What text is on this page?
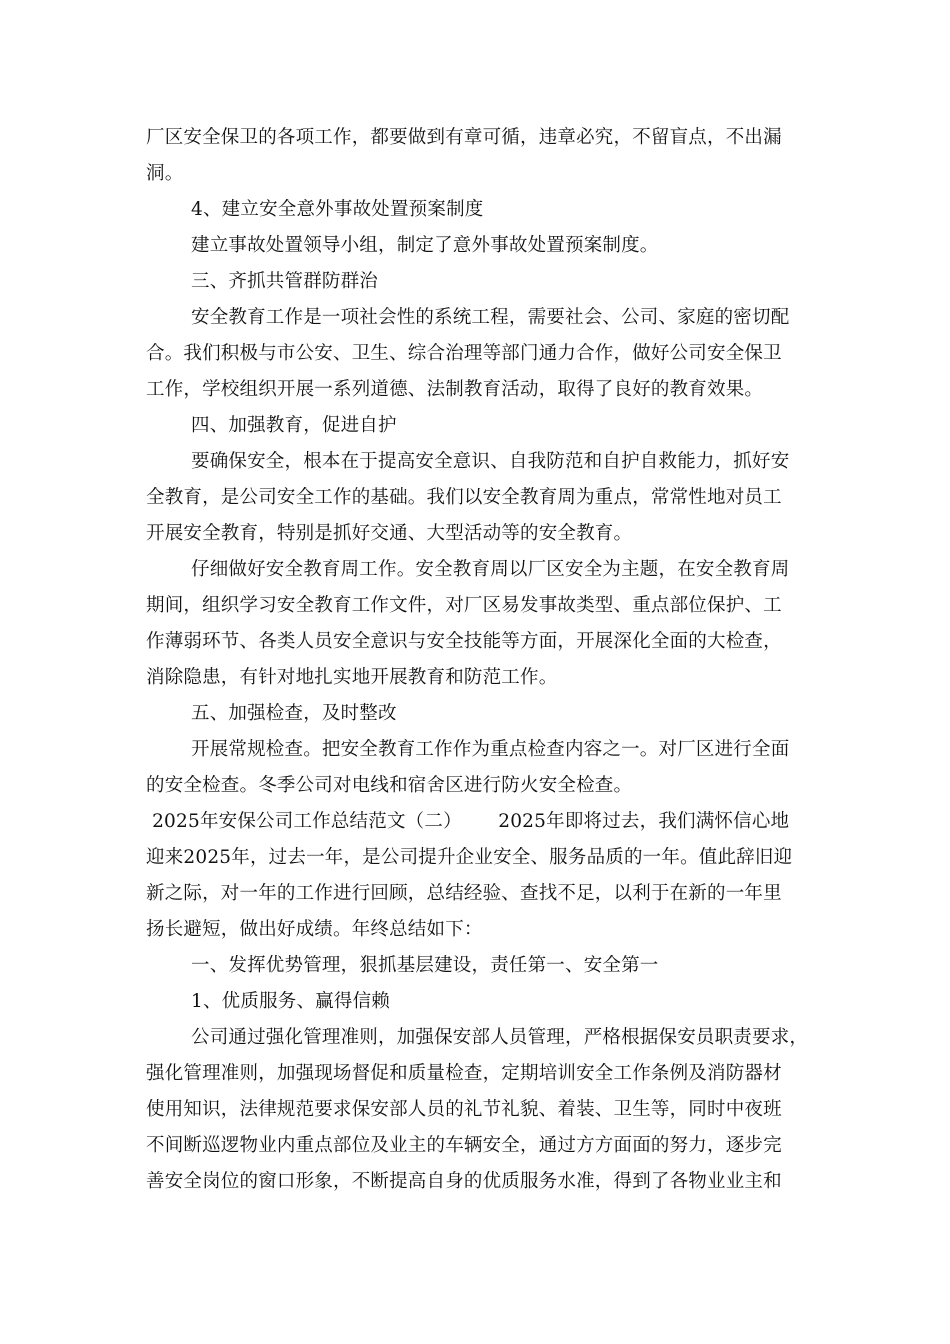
厂区安全保卫的各项工作，都要做到有章可循，违章必究，不留盲点，不出漏
洞。
4、建立安全意外事故处置预案制度
建立事故处置领导小组，制定了意外事故处置预案制度。
三、齐抓共管群防群治
安全教育工作是一项社会性的系统工程，需要社会、公司、家庭的密切配
合。我们积极与市公安、卫生、综合治理等部门通力合作，做好公司安全保卫
工作，学校组织开展一系列道德、法制教育活动，取得了良好的教育效果。
四、加强教育，促进自护
要确保安全，根本在于提高安全意识、自我防范和自护自救能力，抓好安
全教育，是公司安全工作的基础。我们以安全教育周为重点，常常性地对员工
开展安全教育，特别是抓好交通、大型活动等的安全教育。
仔细做好安全教育周工作。安全教育周以厂区安全为主题，在安全教育周
期间，组织学习安全教育工作文件，对厂区易发事故类型、重点部位保护、工
作薄弱环节、各类人员安全意识与安全技能等方面，开展深化全面的大检查，
消除隐患，有针对地扎实地开展教育和防范工作。
五、加强检查，及时整改
开展常规检查。把安全教育工作作为重点检查内容之一。对厂区进行全面
的安全检查。冬季公司对电线和宿舍区进行防火安全检查。
2025年安保公司工作总结范文（二）      2025年即将过去，我们满怀信心地
迎来2025年，过去一年，是公司提升企业安全、服务品质的一年。值此辞旧迎
新之际，对一年的工作进行回顾，总结经验、查找不足，以利于在新的一年里
扬长避短，做出好成绩。年终总结如下：
一、发挥优势管理，狠抓基层建设，责任第一、安全第一
1、优质服务、赢得信赖
公司通过强化管理准则，加强保安部人员管理，严格根据保安员职责要求，
强化管理准则，加强现场督促和质量检查，定期培训安全工作条例及消防器材
使用知识，法律规范要求保安部人员的礼节礼貌、着装、卫生等，同时中夜班
不间断巡逻物业内重点部位及业主的车辆安全，通过方方面面的努力，逐步完
善安全岗位的窗口形象，不断提高自身的优质服务水准，得到了各物业业主和
